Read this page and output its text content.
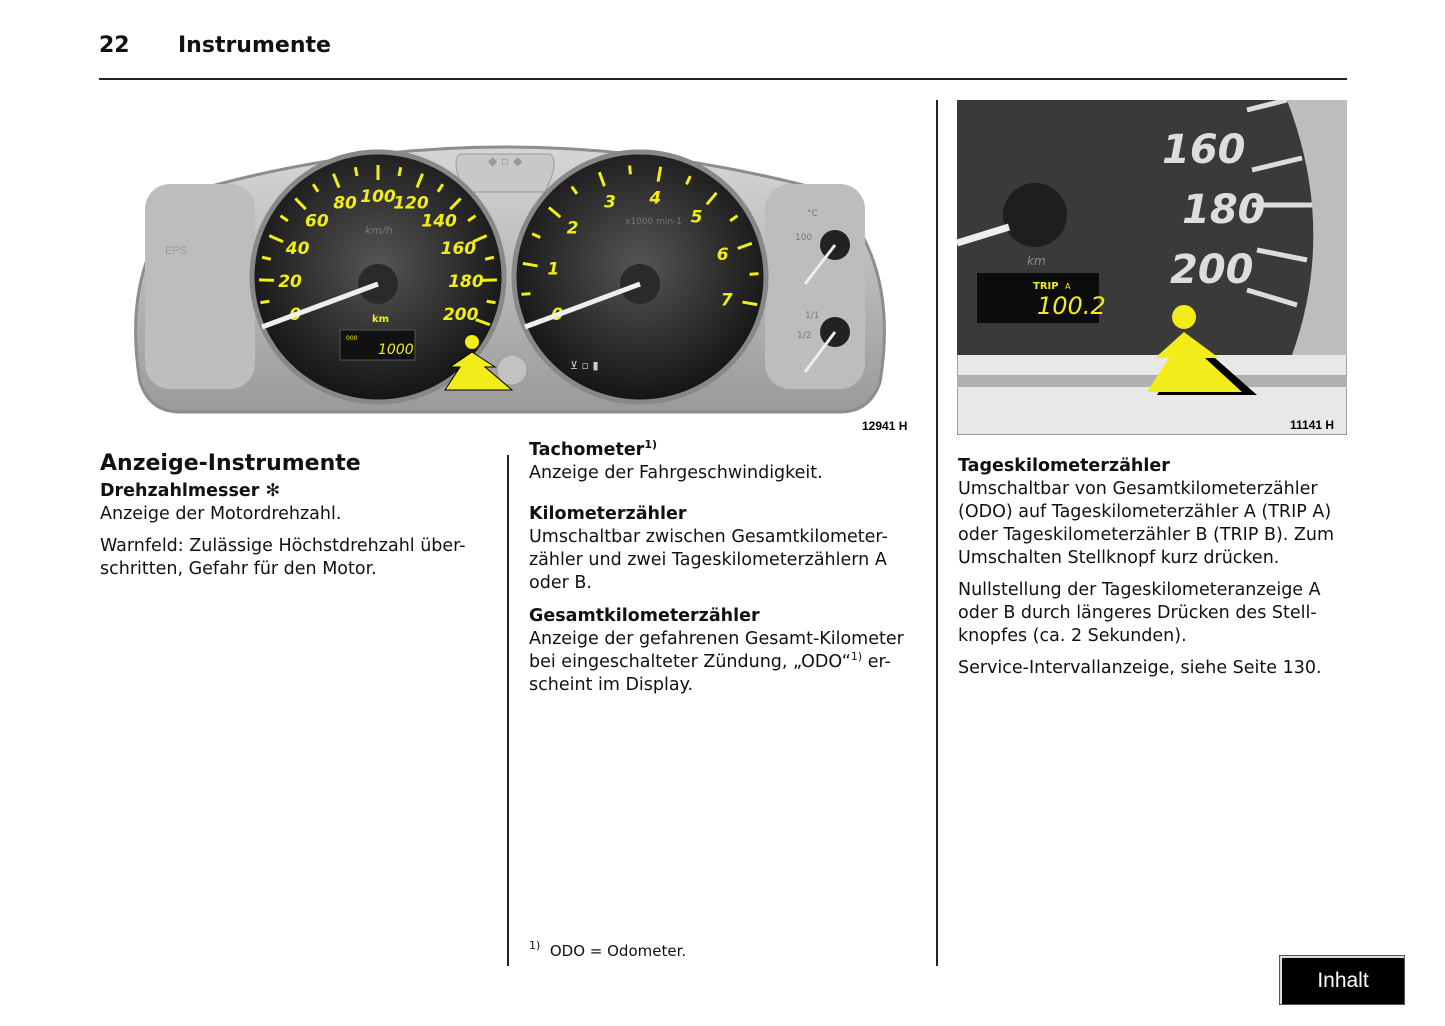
22 Instrumente
EPS
◆ ▫ ◆
20
40
60
80 100
120
140
160
180
200
1
2
3 4
5
6
7
km/h
x1000 min-1
km
000
1000
⊻ ▫ ▮
°C
100
1/1
1/2
12941 H
160
180
200
km
TRIP A
100.2
11141 H
Anzeige-Instrumente
Drehzahlmesser ✻

Anzeige der Motordrehzahl.

Warnfeld: Zulässige Höchstdrehzahl über-schritten, Gefahr für den Motor.

Tachometer$^{1)}$
Anzeige der Fahrgeschwindigkeit.
Kilometerzähler
Umschaltbar zwischen Gesamtkilometer-zähler und zwei Tageskilometerzählern A oder B.
Gesamtkilometerzähler
Anzeige der gefahrenen Gesamt-Kilometer bei eingeschalteter Zündung, „ODO“$^{1)}$ er-scheint im Display.
$^{1)}$ ODO = Odometer.
Tageskilometerzähler

Umschaltbar von Gesamtkilometerzähler (ODO) auf Tageskilometerzähler A (TRIP A) oder Tageskilometerzähler B (TRIP B). Zum Umschalten Stellknopf kurz drücken.

Nullstellung der Tageskilometeranzeige A oder B durch längeres Drücken des Stell-knopfes (ca. 2 Sekunden).

Service-Intervallanzeige, siehe Seite 130.

Inhalt
